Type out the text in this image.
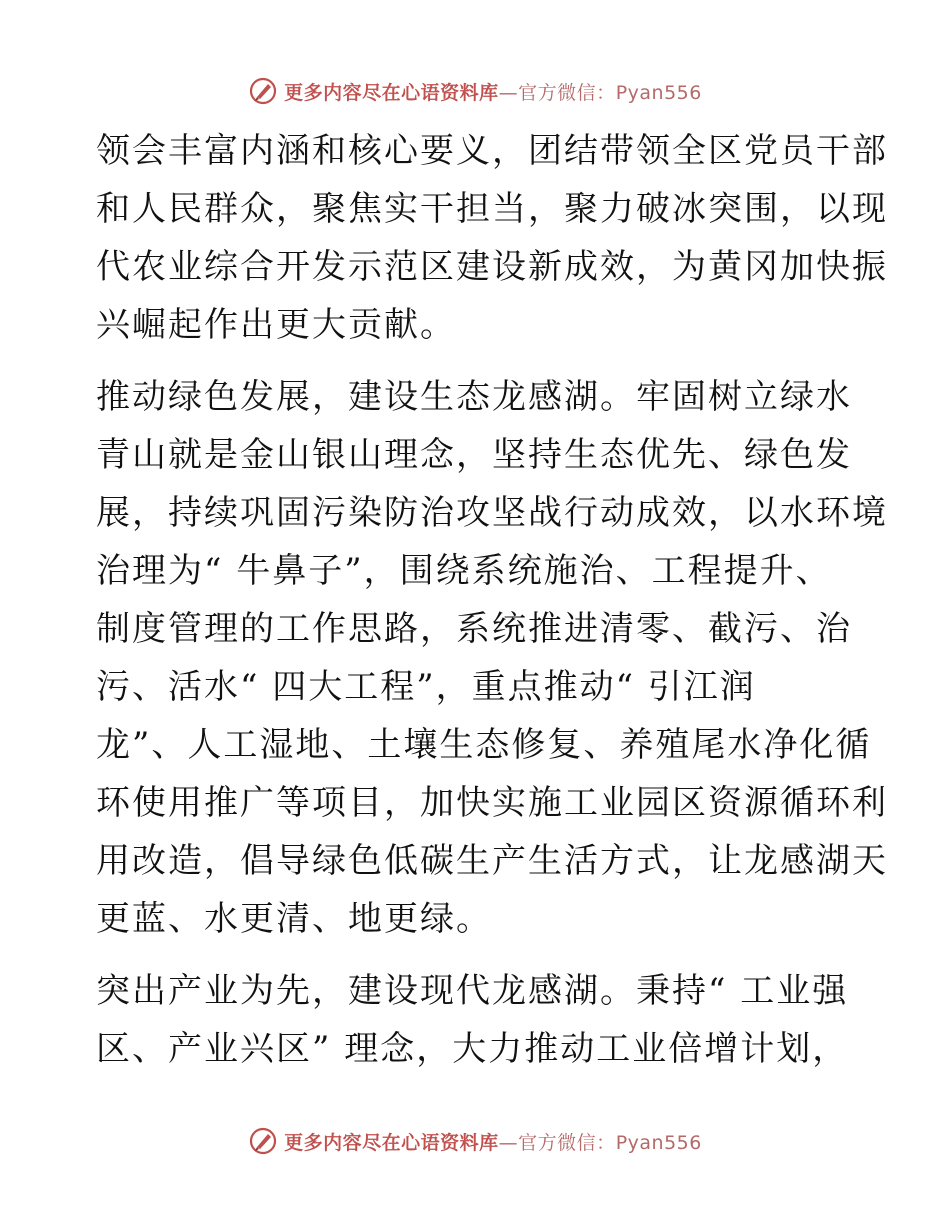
更多内容尽在心语资料库—官方微信：Pyan556
领会丰富内涵和核心要义，团结带领全区党员干部
和人民群众，聚焦实干担当，聚力破冰突围，以现
代农业综合开发示范区建设新成效，为黄冈加快振
兴崛起作出更大贡献。
推动绿色发展，建设生态龙感湖。牢固树立绿水
青山就是金山银山理念，坚持生态优先、绿色发
展，持续巩固污染防治攻坚战行动成效，以水环境
治理为“ 牛鼻子”，围绕系统施治、工程提升、
制度管理的工作思路，系统推进清零、截污、治
污、活水“ 四大工程”，重点推动“ 引江润
龙”、人工湿地、土壤生态修复、养殖尾水净化循
环使用推广等项目，加快实施工业园区资源循环利
用改造，倡导绿色低碳生产生活方式，让龙感湖天
更蓝、水更清、地更绿。
突出产业为先，建设现代龙感湖。秉持“ 工业强
区、产业兴区” 理念，大力推动工业倍增计划，
更多内容尽在心语资料库—官方微信：Pyan556
